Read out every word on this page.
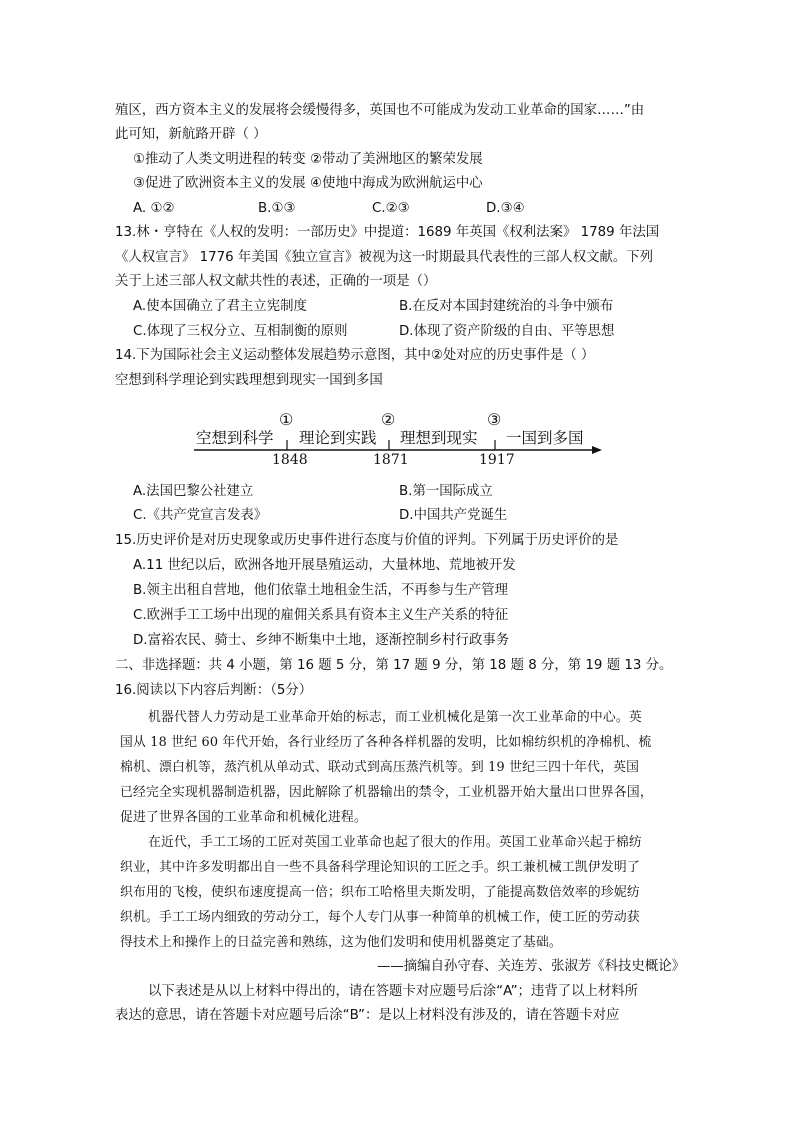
殖区，西方资本主义的发展将会缓慢得多，英国也不可能成为发动工业革命的国家……”由
此可知，新航路开辟（ ）
①推动了人类文明进程的转变 ②带动了美洲地区的繁荣发展
③促进了欧洲资本主义的发展 ④使地中海成为欧洲航运中心
A. ①②	B.①③	C.②③	D.③④
13.林・亨特在《人权的发明：一部历史》中提道：1689 年英国《权利法案》 1789 年法国
《人权宣言》 1776 年美国《独立宣言》被视为这一时期最具代表性的三部人权文献。下列
关于上述三部人权文献共性的表述，正确的一项是（）
A.使本国确立了君主立宪制度	B.在反对本国封建统治的斗争中颁布
C.体现了三权分立、互相制衡的原则	D.体现了资产阶级的自由、平等思想
14.下为国际社会主义运动整体发展趋势示意图，其中②处对应的历史事件是（ ）
空想到科学理论到实践理想到现实一国到多国
空想到科学 理论到实践 理想到现实 一国到多国
①	②	③
1848	1871	1917
A.法国巴黎公社建立	B.第一国际成立
C.《共产党宣言发表》	D.中国共产党诞生
15.历史评价是对历史现象或历史事件进行态度与价值的评判。下列属于历史评价的是
A.11 世纪以后，欧洲各地开展垦殖运动，大量林地、荒地被开发
B.领主出租自营地，他们依靠土地租金生活，不再参与生产管理
C.欧洲手工工场中出现的雇佣关系具有资本主义生产关系的特征
D.富裕农民、骑士、乡绅不断集中土地，逐渐控制乡村行政事务
二、非选择题：共 4 小题，第 16 题 5 分，第 17 题 9 分，第 18 题 8 分，第 19 题 13 分。
16.阅读以下内容后判断：（5分）
机器代替人力劳动是工业革命开始的标志，而工业机械化是第一次工业革命的中心。英
国从 18 世纪 60 年代开始，各行业经历了各种各样机器的发明，比如棉纺织机的净棉机、梳
棉机、漂白机等，蒸汽机从单动式、联动式到高压蒸汽机等。到 19 世纪三四十年代，英国
已经完全实现机器制造机器，因此解除了机器输出的禁令，工业机器开始大量出口世界各国，
促进了世界各国的工业革命和机械化进程。
在近代，手工工场的工匠对英国工业革命也起了很大的作用。英国工业革命兴起于棉纺
织业，其中许多发明都出自一些不具备科学理论知识的工匠之手。织工兼机械工凯伊发明了
织布用的飞梭，使织布速度提高一倍；织布工哈格里夫斯发明，了能提高数倍效率的珍妮纺
织机。手工工场内细致的劳动分工，每个人专门从事一种简单的机械工作，使工匠的劳动获
得技术上和操作上的日益完善和熟练，这为他们发明和使用机器奠定了基础。
——摘编自孙守春、关连芳、张淑芳《科技史概论》
以下表述是从以上材料中得出的，请在答题卡对应题号后涂“A”；违背了以上材料所
表达的意思，请在答题卡对应题号后涂“B”：是以上材料没有涉及的，请在答题卡对应
